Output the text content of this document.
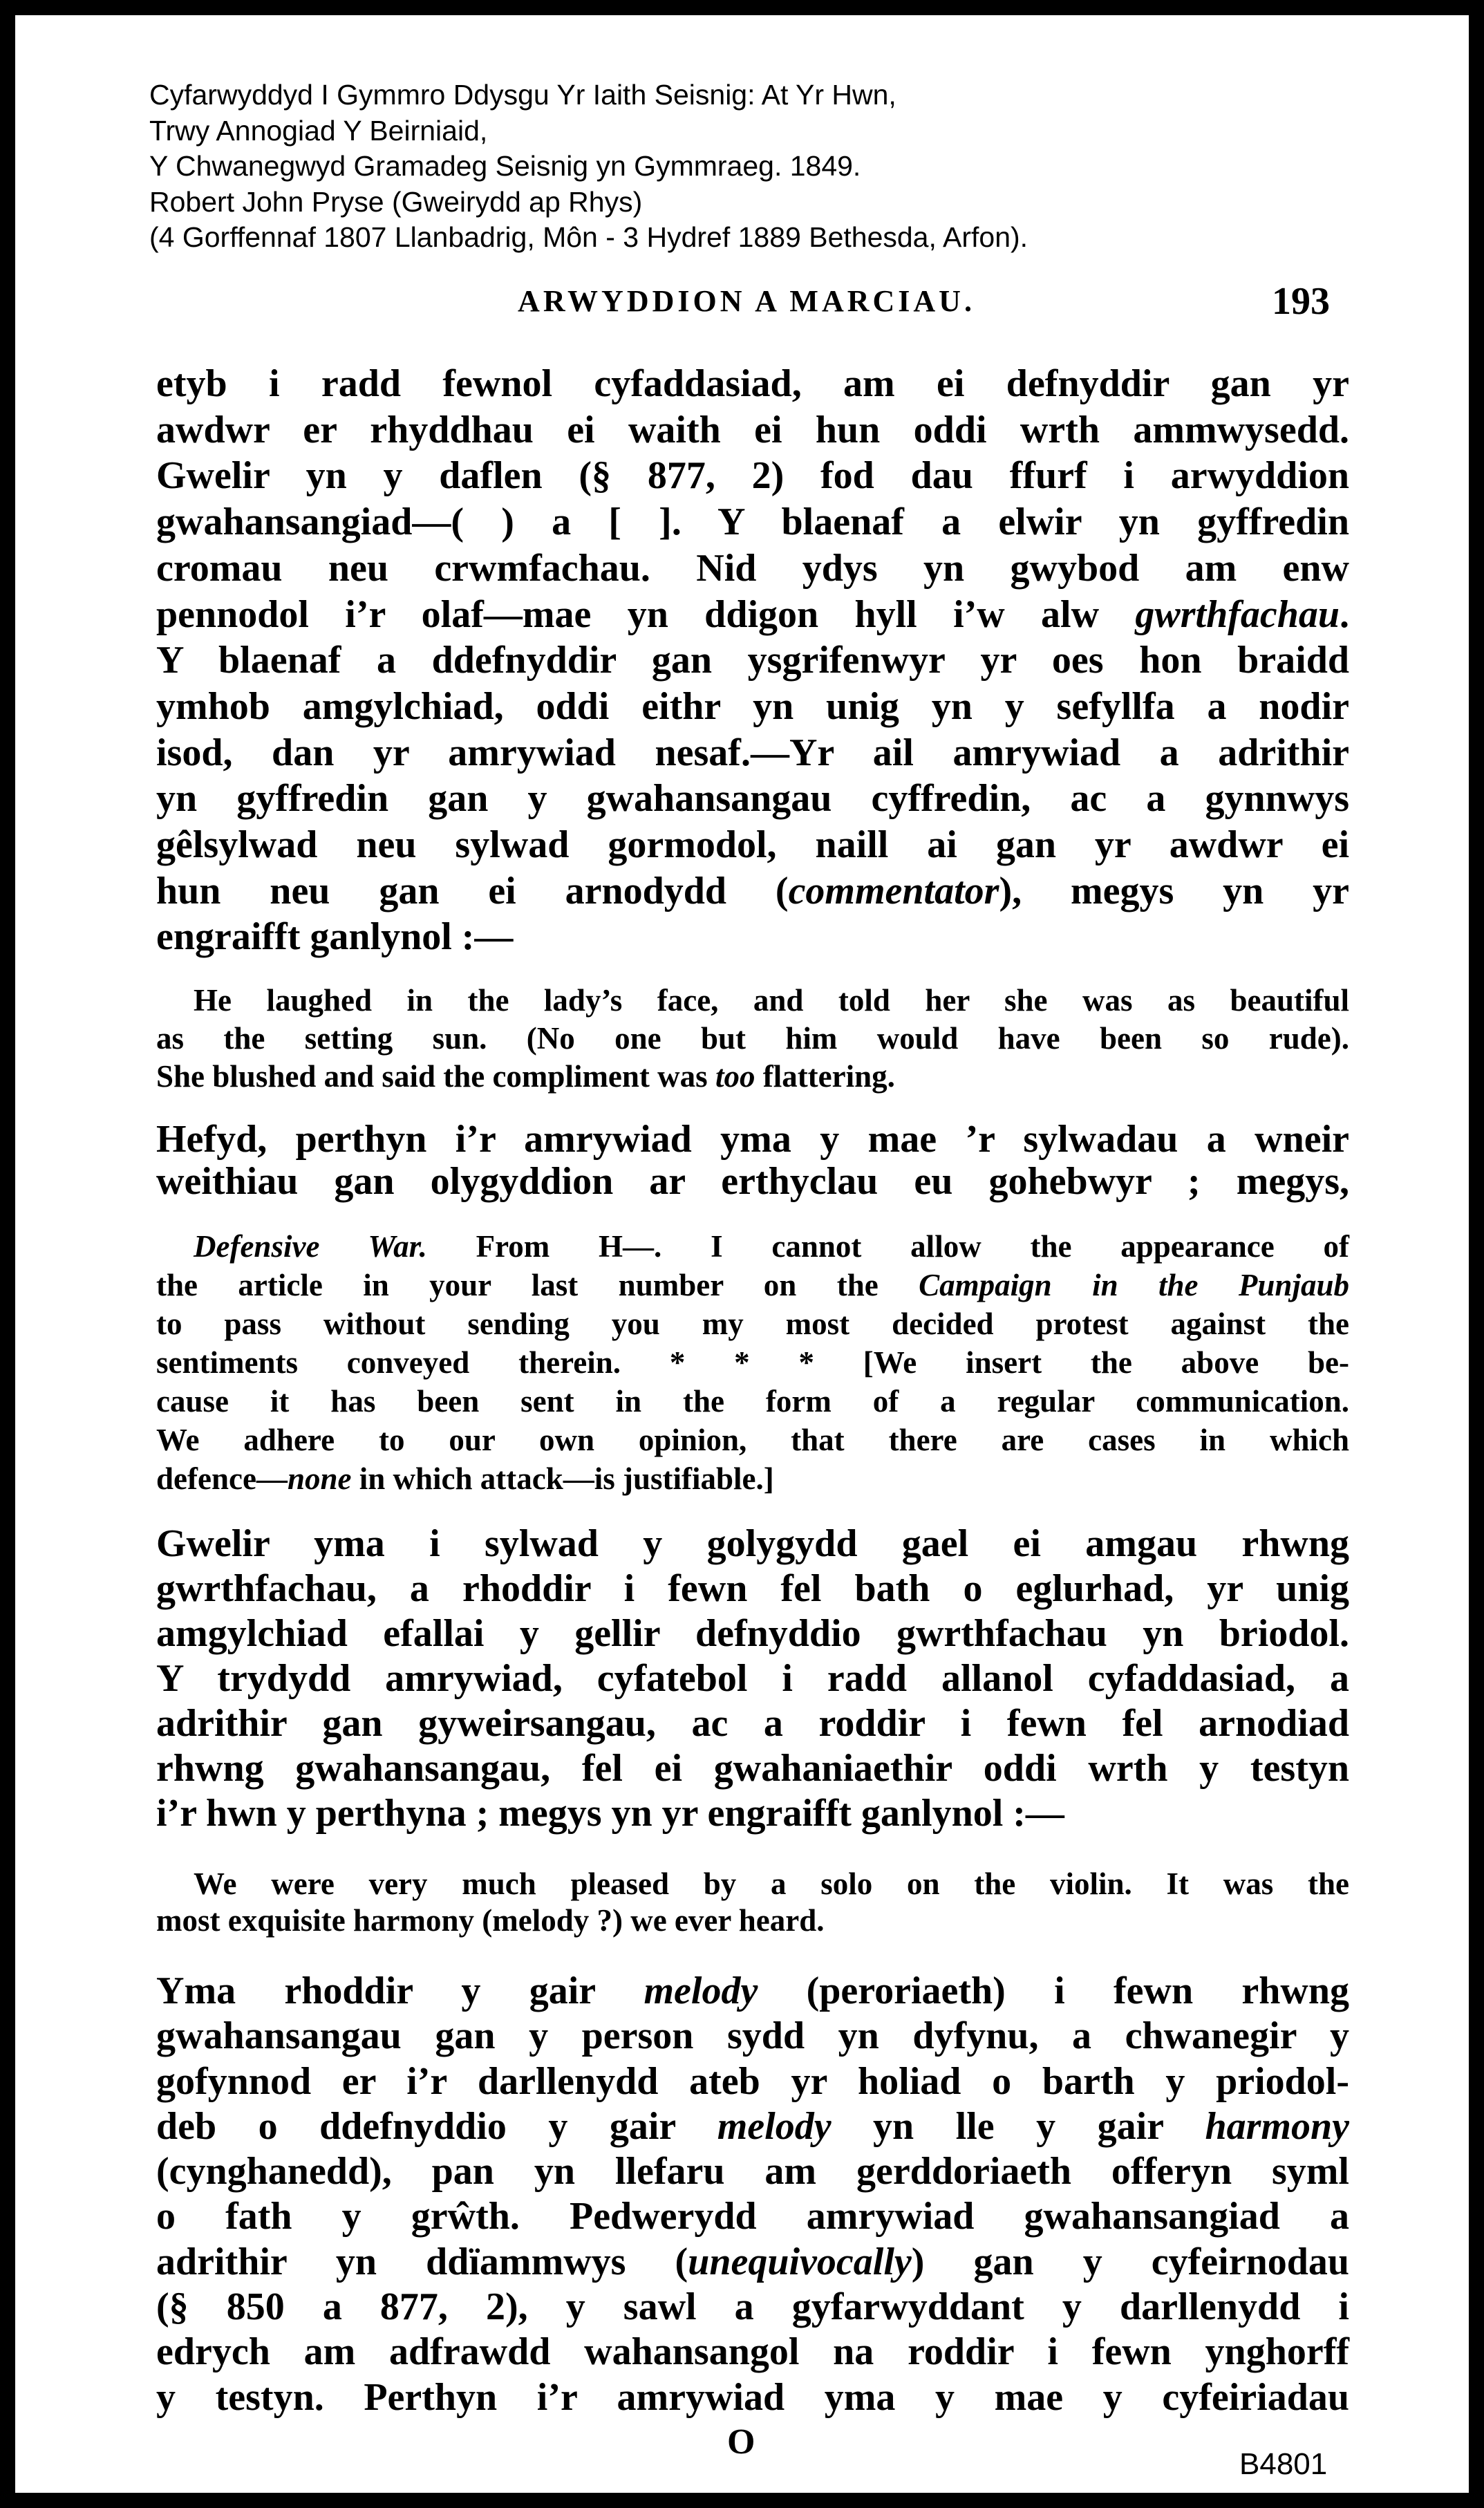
Cyfarwyddyd I Gymmro Ddysgu Yr Iaith Seisnig: At Yr Hwn,
Trwy Annogiad Y Beirniaid,
Y Chwanegwyd Gramadeg Seisnig yn Gymmraeg. 1849.
Robert John Pryse (Gweirydd ap Rhys)
(4 Gorffennaf 1807 Llanbadrig, Môn - 3 Hydref 1889 Bethesda, Arfon).
ARWYDDION A MARCIAU.	193
etyb i radd fewnol cyfaddasiad, am ei defnyddir gan yr
awdwr er rhyddhau ei waith ei hun oddi wrth ammwysedd.
Gwelir yn y daflen (§ 877, 2) fod dau ffurf i arwyddion
gwahansangiad—( ) a [ ]. Y blaenaf a elwir yn gyffredin
cromau neu crwmfachau. Nid ydys yn gwybod am enw
pennodol i’r olaf—mae yn ddigon hyll i’w alw gwrthfachau.
Y blaenaf a ddefnyddir gan ysgrifenwyr yr oes hon braidd
ymhob amgylchiad, oddi eithr yn unig yn y sefyllfa a nodir
isod, dan yr amrywiad nesaf.—Yr ail amrywiad a adrithir
yn gyffredin gan y gwahansangau cyffredin, ac a gynnwys
gêlsylwad neu sylwad gormodol, naill ai gan yr awdwr ei
hun neu gan ei arnodydd (commentator), megys yn yr
engraifft ganlynol :—
He laughed in the lady’s face, and told her she was as beautiful
as the setting sun. (No one but him would have been so rude).
She blushed and said the compliment was too flattering.
Hefyd, perthyn i’r amrywiad yma y mae ’r sylwadau a wneir
weithiau gan olygyddion ar erthyclau eu gohebwyr ; megys,
Defensive War. From H—. I cannot allow the appearance of
the article in your last number on the Campaign in the Punjaub
to pass without sending you my most decided protest against the
sentiments conveyed therein. * * * [We insert the above be-
cause it has been sent in the form of a regular communication.
We adhere to our own opinion, that there are cases in which
defence—none in which attack—is justifiable.]
Gwelir yma i sylwad y golygydd gael ei amgau rhwng
gwrthfachau, a rhoddir i fewn fel bath o eglurhad, yr unig
amgylchiad efallai y gellir defnyddio gwrthfachau yn briodol.
Y trydydd amrywiad, cyfatebol i radd allanol cyfaddasiad, a
adrithir gan gyweirsangau, ac a roddir i fewn fel arnodiad
rhwng gwahansangau, fel ei gwahaniaethir oddi wrth y testyn
i’r hwn y perthyna ; megys yn yr engraifft ganlynol :—
We were very much pleased by a solo on the violin. It was the
most exquisite harmony (melody ?) we ever heard.
Yma rhoddir y gair melody (peroriaeth) i fewn rhwng
gwahansangau gan y person sydd yn dyfynu, a chwanegir y
gofynnod er i’r darllenydd ateb yr holiad o barth y priodol-
deb o ddefnyddio y gair melody yn lle y gair harmony
(cynghanedd), pan yn llefaru am gerddoriaeth offeryn syml
o fath y grŵth. Pedwerydd amrywiad gwahansangiad a
adrithir yn ddïammwys (unequivocally) gan y cyfeirnodau
(§ 850 a 877, 2), y sawl a gyfarwyddant y darllenydd i
edrych am adfrawdd wahansangol na roddir i fewn ynghorff
y testyn. Perthyn i’r amrywiad yma y mae y cyfeiriadau
O
B4801
